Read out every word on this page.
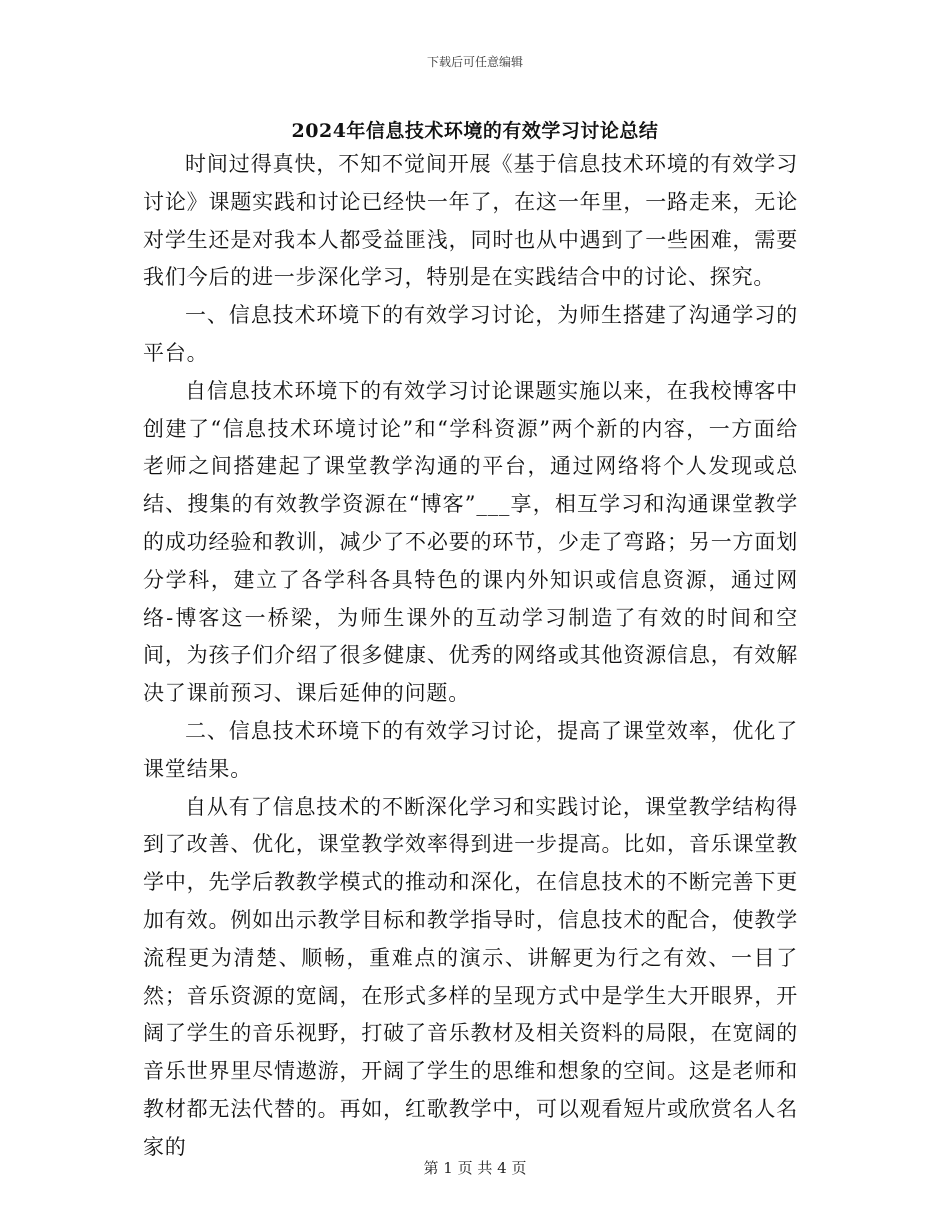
下载后可任意编辑
2024年信息技术环境的有效学习讨论总结

时间过得真快，不知不觉间开展《基于信息技术环境的有效学习讨论》课题实践和讨论已经快一年了，在这一年里，一路走来，无论对学生还是对我本人都受益匪浅，同时也从中遇到了一些困难，需要我们今后的进一步深化学习，特别是在实践结合中的讨论、探究。

一、信息技术环境下的有效学习讨论，为师生搭建了沟通学习的平台。

自信息技术环境下的有效学习讨论课题实施以来，在我校博客中创建了“信息技术环境讨论”和“学科资源”两个新的内容，一方面给老师之间搭建起了课堂教学沟通的平台，通过网络将个人发现或总结、搜集的有效教学资源在“博客”___享，相互学习和沟通课堂教学的成功经验和教训，减少了不必要的环节，少走了弯路；另一方面划分学科，建立了各学科各具特色的课内外知识或信息资源，通过网络-博客这一桥梁，为师生课外的互动学习制造了有效的时间和空间，为孩子们介绍了很多健康、优秀的网络或其他资源信息，有效解决了课前预习、课后延伸的问题。

二、信息技术环境下的有效学习讨论，提高了课堂效率，优化了课堂结果。

自从有了信息技术的不断深化学习和实践讨论，课堂教学结构得到了改善、优化，课堂教学效率得到进一步提高。比如，音乐课堂教学中，先学后教教学模式的推动和深化，在信息技术的不断完善下更加有效。例如出示教学目标和教学指导时，信息技术的配合，使教学流程更为清楚、顺畅，重难点的演示、讲解更为行之有效、一目了然；音乐资源的宽阔，在形式多样的呈现方式中是学生大开眼界，开阔了学生的音乐视野，打破了音乐教材及相关资料的局限，在宽阔的音乐世界里尽情遨游，开阔了学生的思维和想象的空间。这是老师和教材都无法代替的。再如，红歌教学中，可以观看短片或欣赏名人名家的

第 1 页 共 4 页
